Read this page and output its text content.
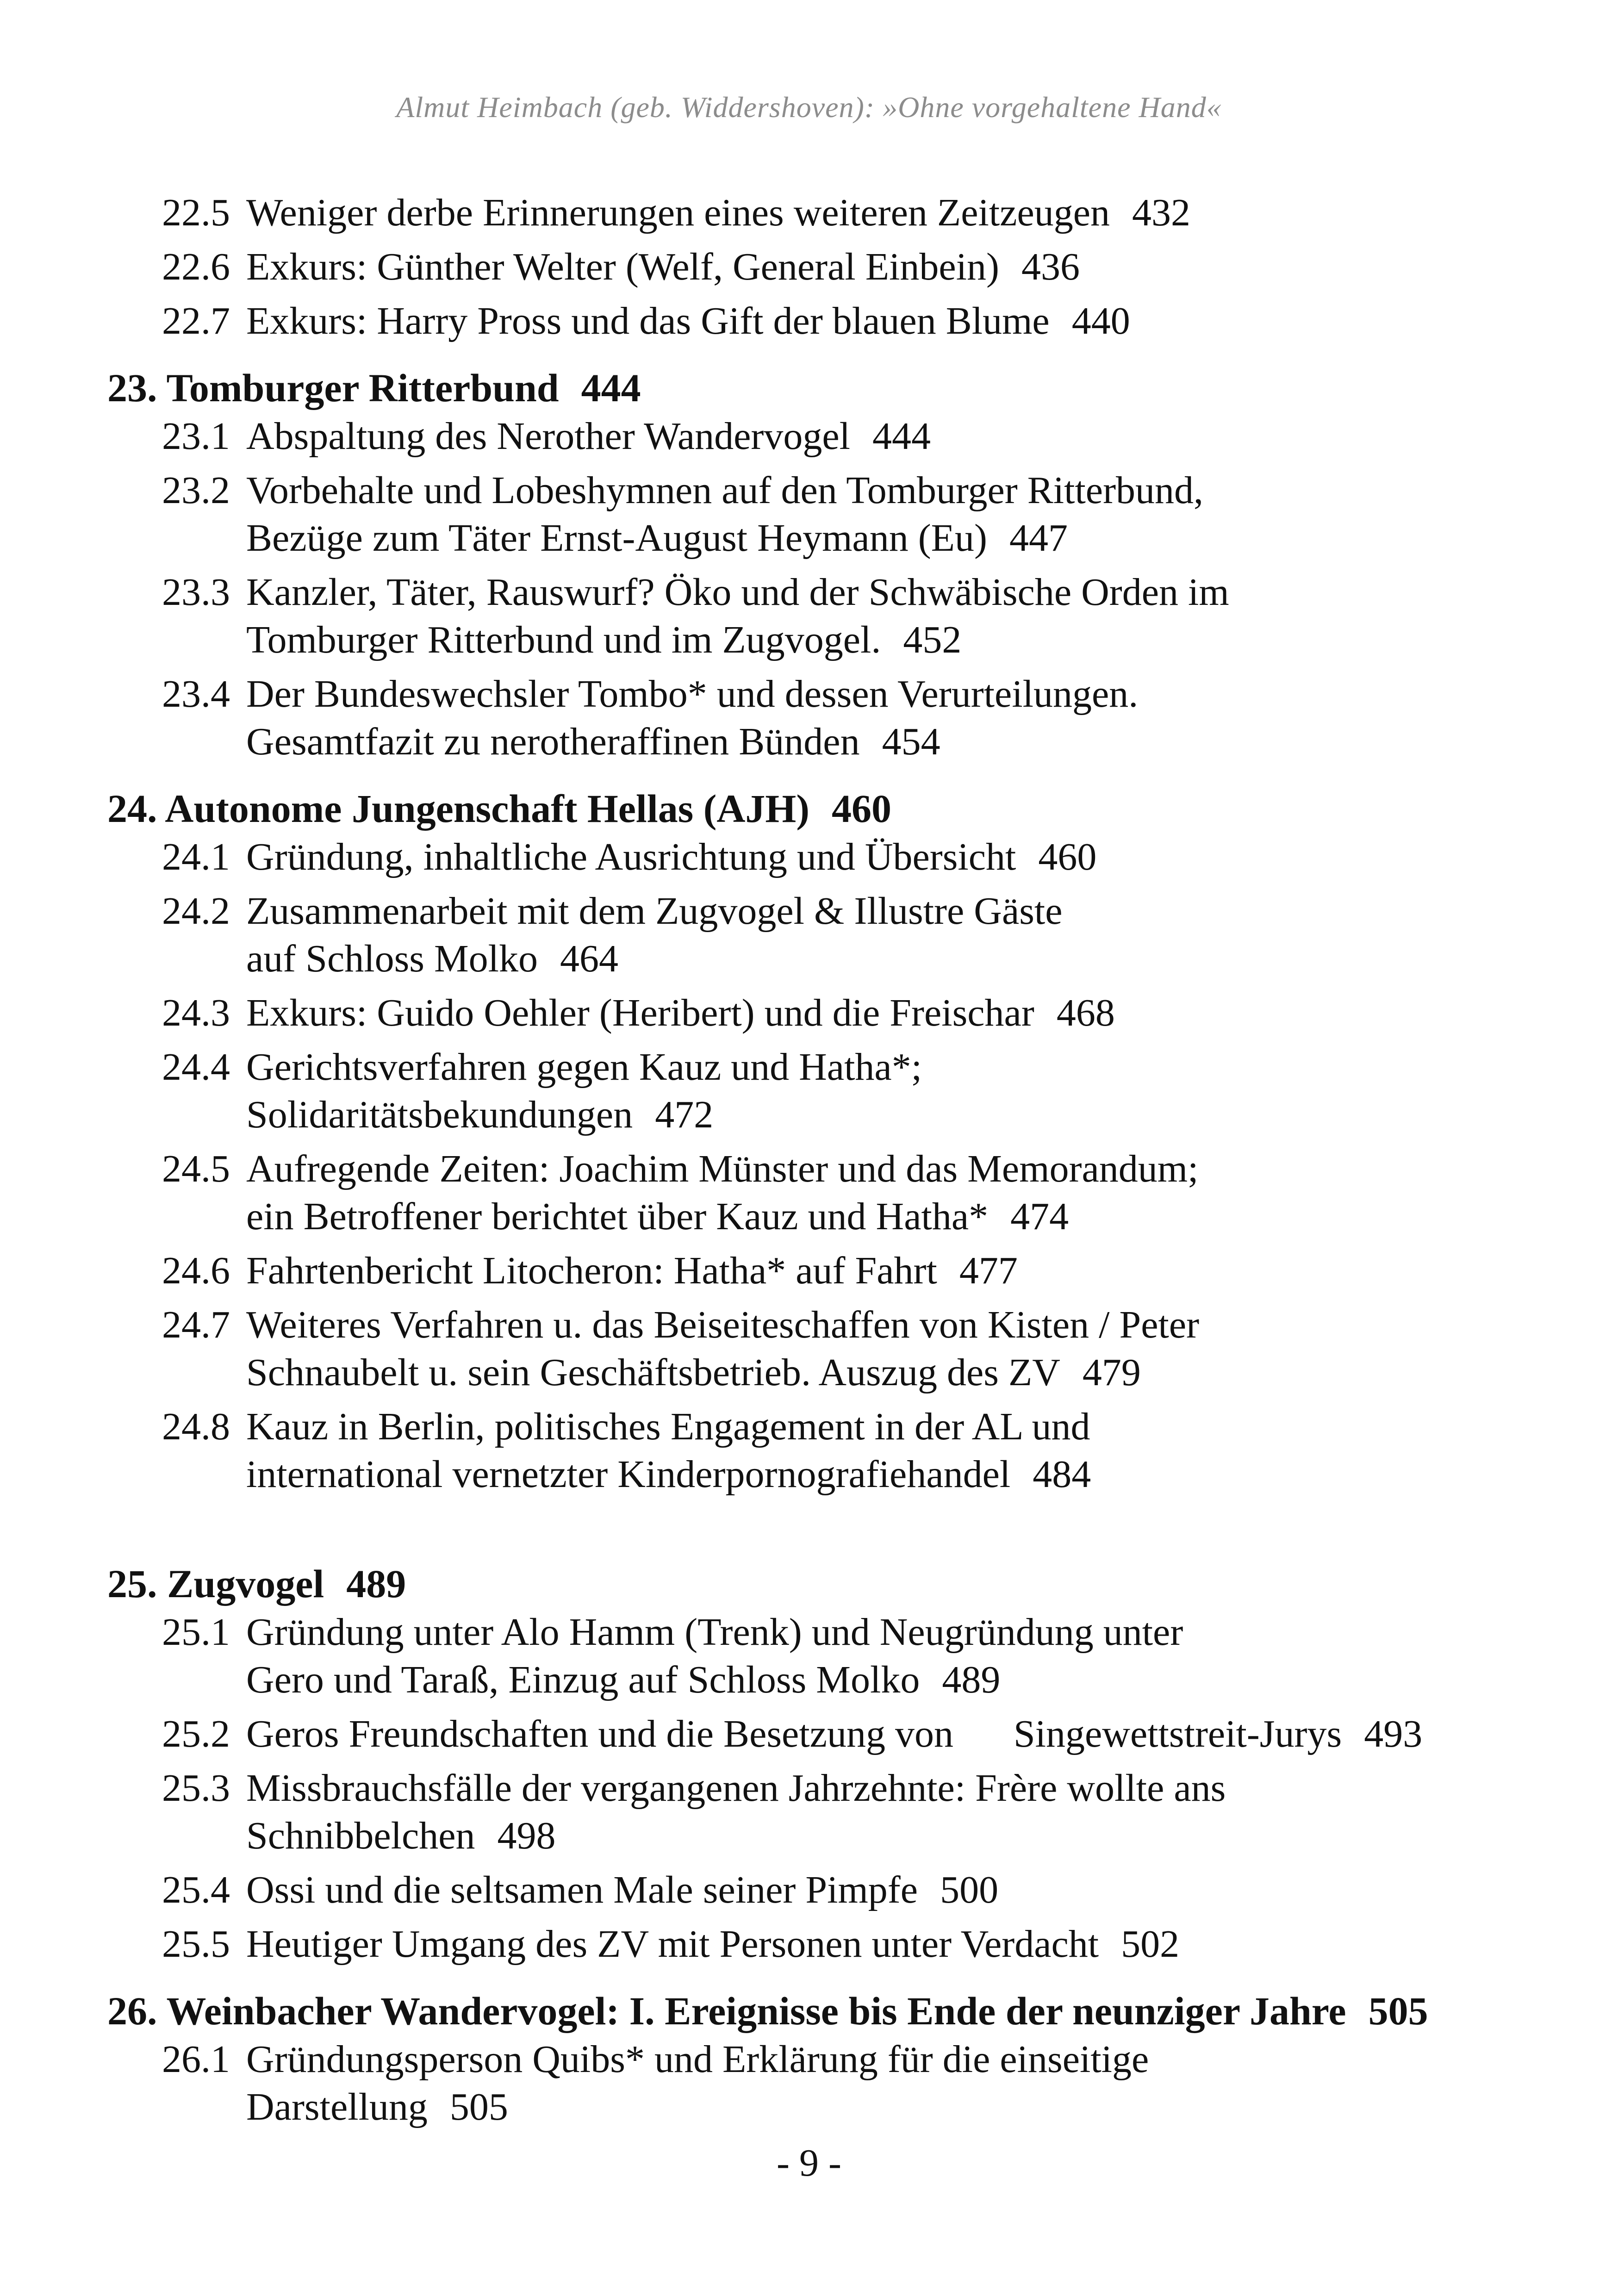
Almut Heimbach (geb. Widdershoven): »Ohne vorgehaltene Hand«
22.5 Weniger derbe Erinnerungen eines weiteren Zeitzeugen 432
22.6 Exkurs: Günther Welter (Welf, General Einbein) 436
22.7 Exkurs: Harry Pross und das Gift der blauen Blume 440
23. Tomburger Ritterbund 444
23.1 Abspaltung des Nerother Wandervogel 444
23.2 Vorbehalte und Lobeshymnen auf den Tomburger Ritterbund,
Bezüge zum Täter Ernst-August Heymann (Eu) 447
23.3 Kanzler, Täter, Rauswurf? Öko und der Schwäbische Orden im
Tomburger Ritterbund und im Zugvogel. 452
23.4 Der Bundeswechsler Tombo* und dessen Verurteilungen.
Gesamtfazit zu nerotheraffinen Bünden 454
24. Autonome Jungenschaft Hellas (AJH) 460
24.1 Gründung, inhaltliche Ausrichtung und Übersicht 460
24.2 Zusammenarbeit mit dem Zugvogel & Illustre Gäste
auf Schloss Molko 464
24.3 Exkurs: Guido Oehler (Heribert) und die Freischar 468
24.4 Gerichtsverfahren gegen Kauz und Hatha*;
Solidaritätsbekundungen 472
24.5 Aufregende Zeiten: Joachim Münster und das Memorandum;
ein Betroffener berichtet über Kauz und Hatha* 474
24.6 Fahrtenbericht Litocheron: Hatha* auf Fahrt 477
24.7 Weiteres Verfahren u. das Beiseiteschaffen von Kisten / Peter
Schnaubelt u. sein Geschäftsbetrieb. Auszug des ZV 479
24.8 Kauz in Berlin, politisches Engagement in der AL und
international vernetzter Kinderpornografiehandel 484
25. Zugvogel 489
25.1 Gründung unter Alo Hamm (Trenk) und Neugründung unter
Gero und Taraß, Einzug auf Schloss Molko 489
25.2 Geros Freundschaften und die Besetzung von Singewettstreit-Jurys 493
25.3 Missbrauchsfälle der vergangenen Jahrzehnte: Frère wollte ans
Schnibbelchen 498
25.4 Ossi und die seltsamen Male seiner Pimpfe 500
25.5 Heutiger Umgang des ZV mit Personen unter Verdacht 502
26. Weinbacher Wandervogel: I. Ereignisse bis Ende der neunziger Jahre 505
26.1 Gründungsperson Quibs* und Erklärung für die einseitige
Darstellung 505
- 9 -
